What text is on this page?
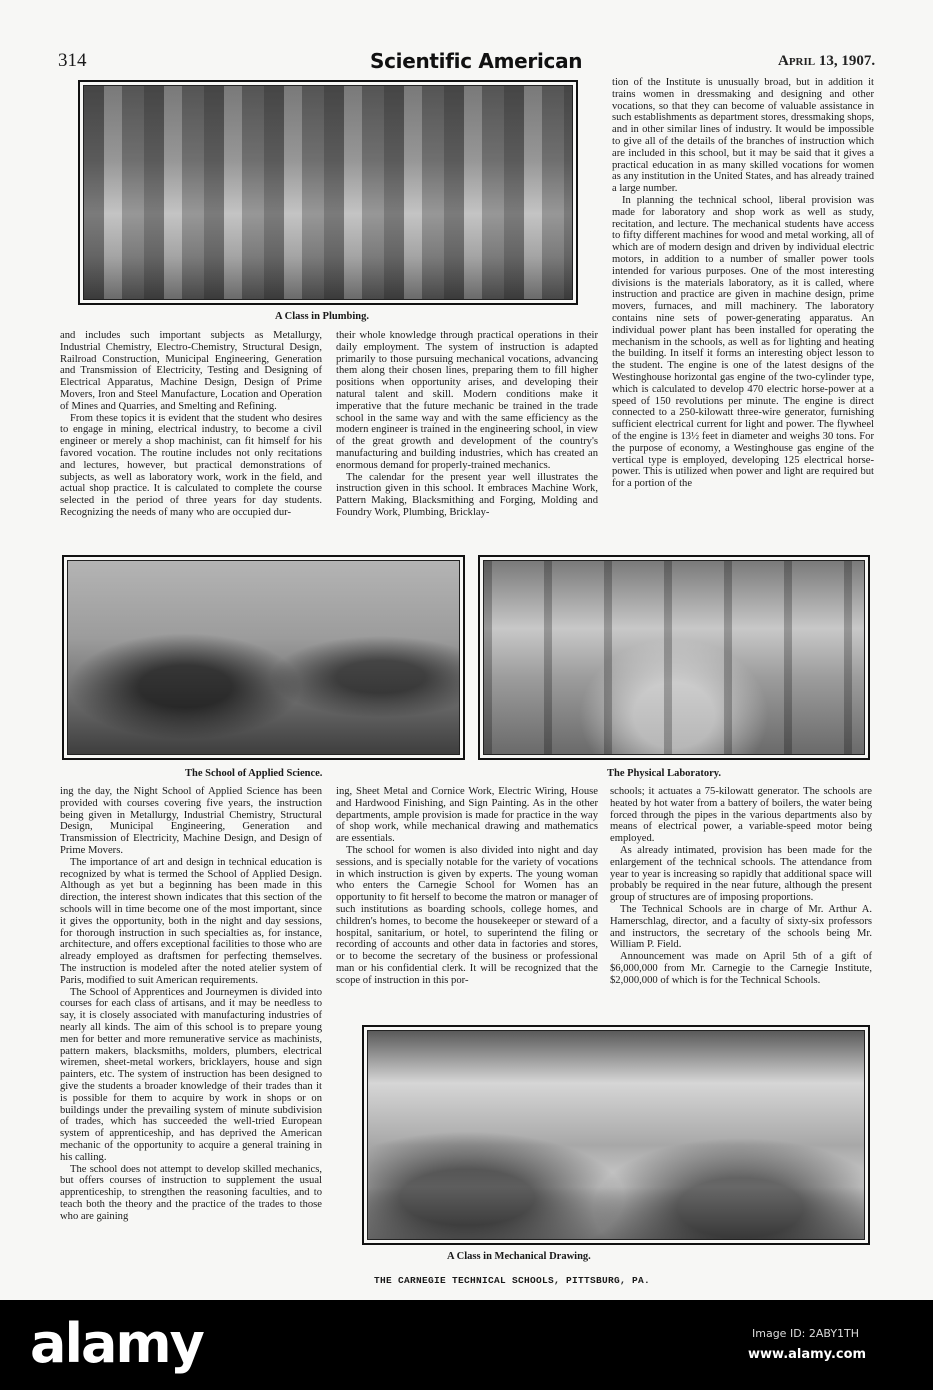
314	Scientific American	April 13, 1907.
A Class in Plumbing.

and includes such important subjects as Metallurgy, Industrial Chemistry, Electro-Chemistry, Structural Design, Railroad Construction, Municipal Engineering, Generation and Transmission of Electricity, Testing and Designing of Electrical Apparatus, Machine Design, Design of Prime Movers, Iron and Steel Manufacture, Location and Operation of Mines and Quarries, and Smelting and Refining.

From these topics it is evident that the student who desires to engage in mining, electrical industry, to become a civil engineer or merely a shop machinist, can fit himself for his favored vocation. The routine includes not only recitations and lectures, however, but practical demonstrations of subjects, as well as laboratory work, work in the field, and actual shop practice. It is calculated to complete the course selected in the period of three years for day students. Recognizing the needs of many who are occupied dur-

their whole knowledge through practical operations in their daily employment. The system of instruction is adapted primarily to those pursuing mechanical vocations, advancing them along their chosen lines, preparing them to fill higher positions when opportunity arises, and developing their natural talent and skill. Modern conditions make it imperative that the future mechanic be trained in the trade school in the same way and with the same efficiency as the modern engineer is trained in the engineering school, in view of the great growth and development of the country's manufacturing and building industries, which has created an enormous demand for properly-trained mechanics.

The calendar for the present year well illustrates the instruction given in this school. It embraces Machine Work, Pattern Making, Blacksmithing and Forging, Molding and Foundry Work, Plumbing, Bricklay-

tion of the Institute is unusually broad, but in addition it trains women in dressmaking and designing and other vocations, so that they can become of valuable assistance in such establishments as department stores, dressmaking shops, and in other similar lines of industry. It would be impossible to give all of the details of the branches of instruction which are included in this school, but it may be said that it gives a practical education in as many skilled vocations for women as any institution in the United States, and has already trained a large number.

In planning the technical school, liberal provision was made for laboratory and shop work as well as study, recitation, and lecture. The mechanical students have access to fifty different machines for wood and metal working, all of which are of modern design and driven by individual electric motors, in addition to a number of smaller power tools intended for various purposes. One of the most interesting divisions is the materials laboratory, as it is called, where instruction and practice are given in machine design, prime movers, furnaces, and mill machinery. The laboratory contains nine sets of power-generating apparatus. An individual power plant has been installed for operating the mechanism in the schools, as well as for lighting and heating the building. In itself it forms an interesting object lesson to the student. The engine is one of the latest designs of the Westinghouse horizontal gas engine of the two-cylinder type, which is calculated to develop 470 electric horse-power at a speed of 150 revolutions per minute. The engine is direct connected to a 250-kilowatt three-wire generator, furnishing sufficient electrical current for light and power. The flywheel of the engine is 13½ feet in diameter and weighs 30 tons. For the purpose of economy, a Westinghouse gas engine of the vertical type is employed, developing 125 electrical horse-power. This is utilized when power and light are required but for a portion of the

The School of Applied Science.	The Physical Laboratory.

ing the day, the Night School of Applied Science has been provided with courses covering five years, the instruction being given in Metallurgy, Industrial Chemistry, Structural Design, Municipal Engineering, Generation and Transmission of Electricity, Machine Design, and Design of Prime Movers.

The importance of art and design in technical education is recognized by what is termed the School of Applied Design. Although as yet but a beginning has been made in this direction, the interest shown indicates that this section of the schools will in time become one of the most important, since it gives the opportunity, both in the night and day sessions, for thorough instruction in such specialties as, for instance, architecture, and offers exceptional facilities to those who are already employed as draftsmen for perfecting themselves. The instruction is modeled after the noted atelier system of Paris, modified to suit American requirements.

The School of Apprentices and Journeymen is divided into courses for each class of artisans, and it may be needless to say, it is closely associated with manufacturing industries of nearly all kinds. The aim of this school is to prepare young men for better and more remunerative service as machinists, pattern makers, blacksmiths, molders, plumbers, electrical wiremen, sheet-metal workers, bricklayers, house and sign painters, etc. The system of instruction has been designed to give the students a broader knowledge of their trades than it is possible for them to acquire by work in shops or on buildings under the prevailing system of minute subdivision of trades, which has succeeded the well-tried European system of apprenticeship, and has deprived the American mechanic of the opportunity to acquire a general training in his calling.

The school does not attempt to develop skilled mechanics, but offers courses of instruction to supplement the usual apprenticeship, to strengthen the reasoning faculties, and to teach both the theory and the practice of the trades to those who are gaining

ing, Sheet Metal and Cornice Work, Electric Wiring, House and Hardwood Finishing, and Sign Painting. As in the other departments, ample provision is made for practice in the way of shop work, while mechanical drawing and mathematics are essentials.

The school for women is also divided into night and day sessions, and is specially notable for the variety of vocations in which instruction is given by experts. The young woman who enters the Carnegie School for Women has an opportunity to fit herself to become the matron or manager of such institutions as boarding schools, college homes, and children's homes, to become the housekeeper or steward of a hospital, sanitarium, or hotel, to superintend the filing or recording of accounts and other data in factories and stores, or to become the secretary of the business or professional man or his confidential clerk. It will be recognized that the scope of instruction in this por-

schools; it actuates a 75-kilowatt generator. The schools are heated by hot water from a battery of boilers, the water being forced through the pipes in the various departments also by means of electrical power, a variable-speed motor being employed.

As already intimated, provision has been made for the enlargement of the technical schools. The attendance from year to year is increasing so rapidly that additional space will probably be required in the near future, although the present group of structures are of imposing proportions.

The Technical Schools are in charge of Mr. Arthur A. Hamerschlag, director, and a faculty of sixty-six professors and instructors, the secretary of the schools being Mr. William P. Field.

Announcement was made on April 5th of a gift of $6,000,000 from Mr. Carnegie to the Carnegie Institute, $2,000,000 of which is for the Technical Schools.

A Class in Mechanical Drawing.
THE CARNEGIE TECHNICAL SCHOOLS, PITTSBURG, PA.
alamy	Image ID: 2ABY1TH
www.alamy.com
